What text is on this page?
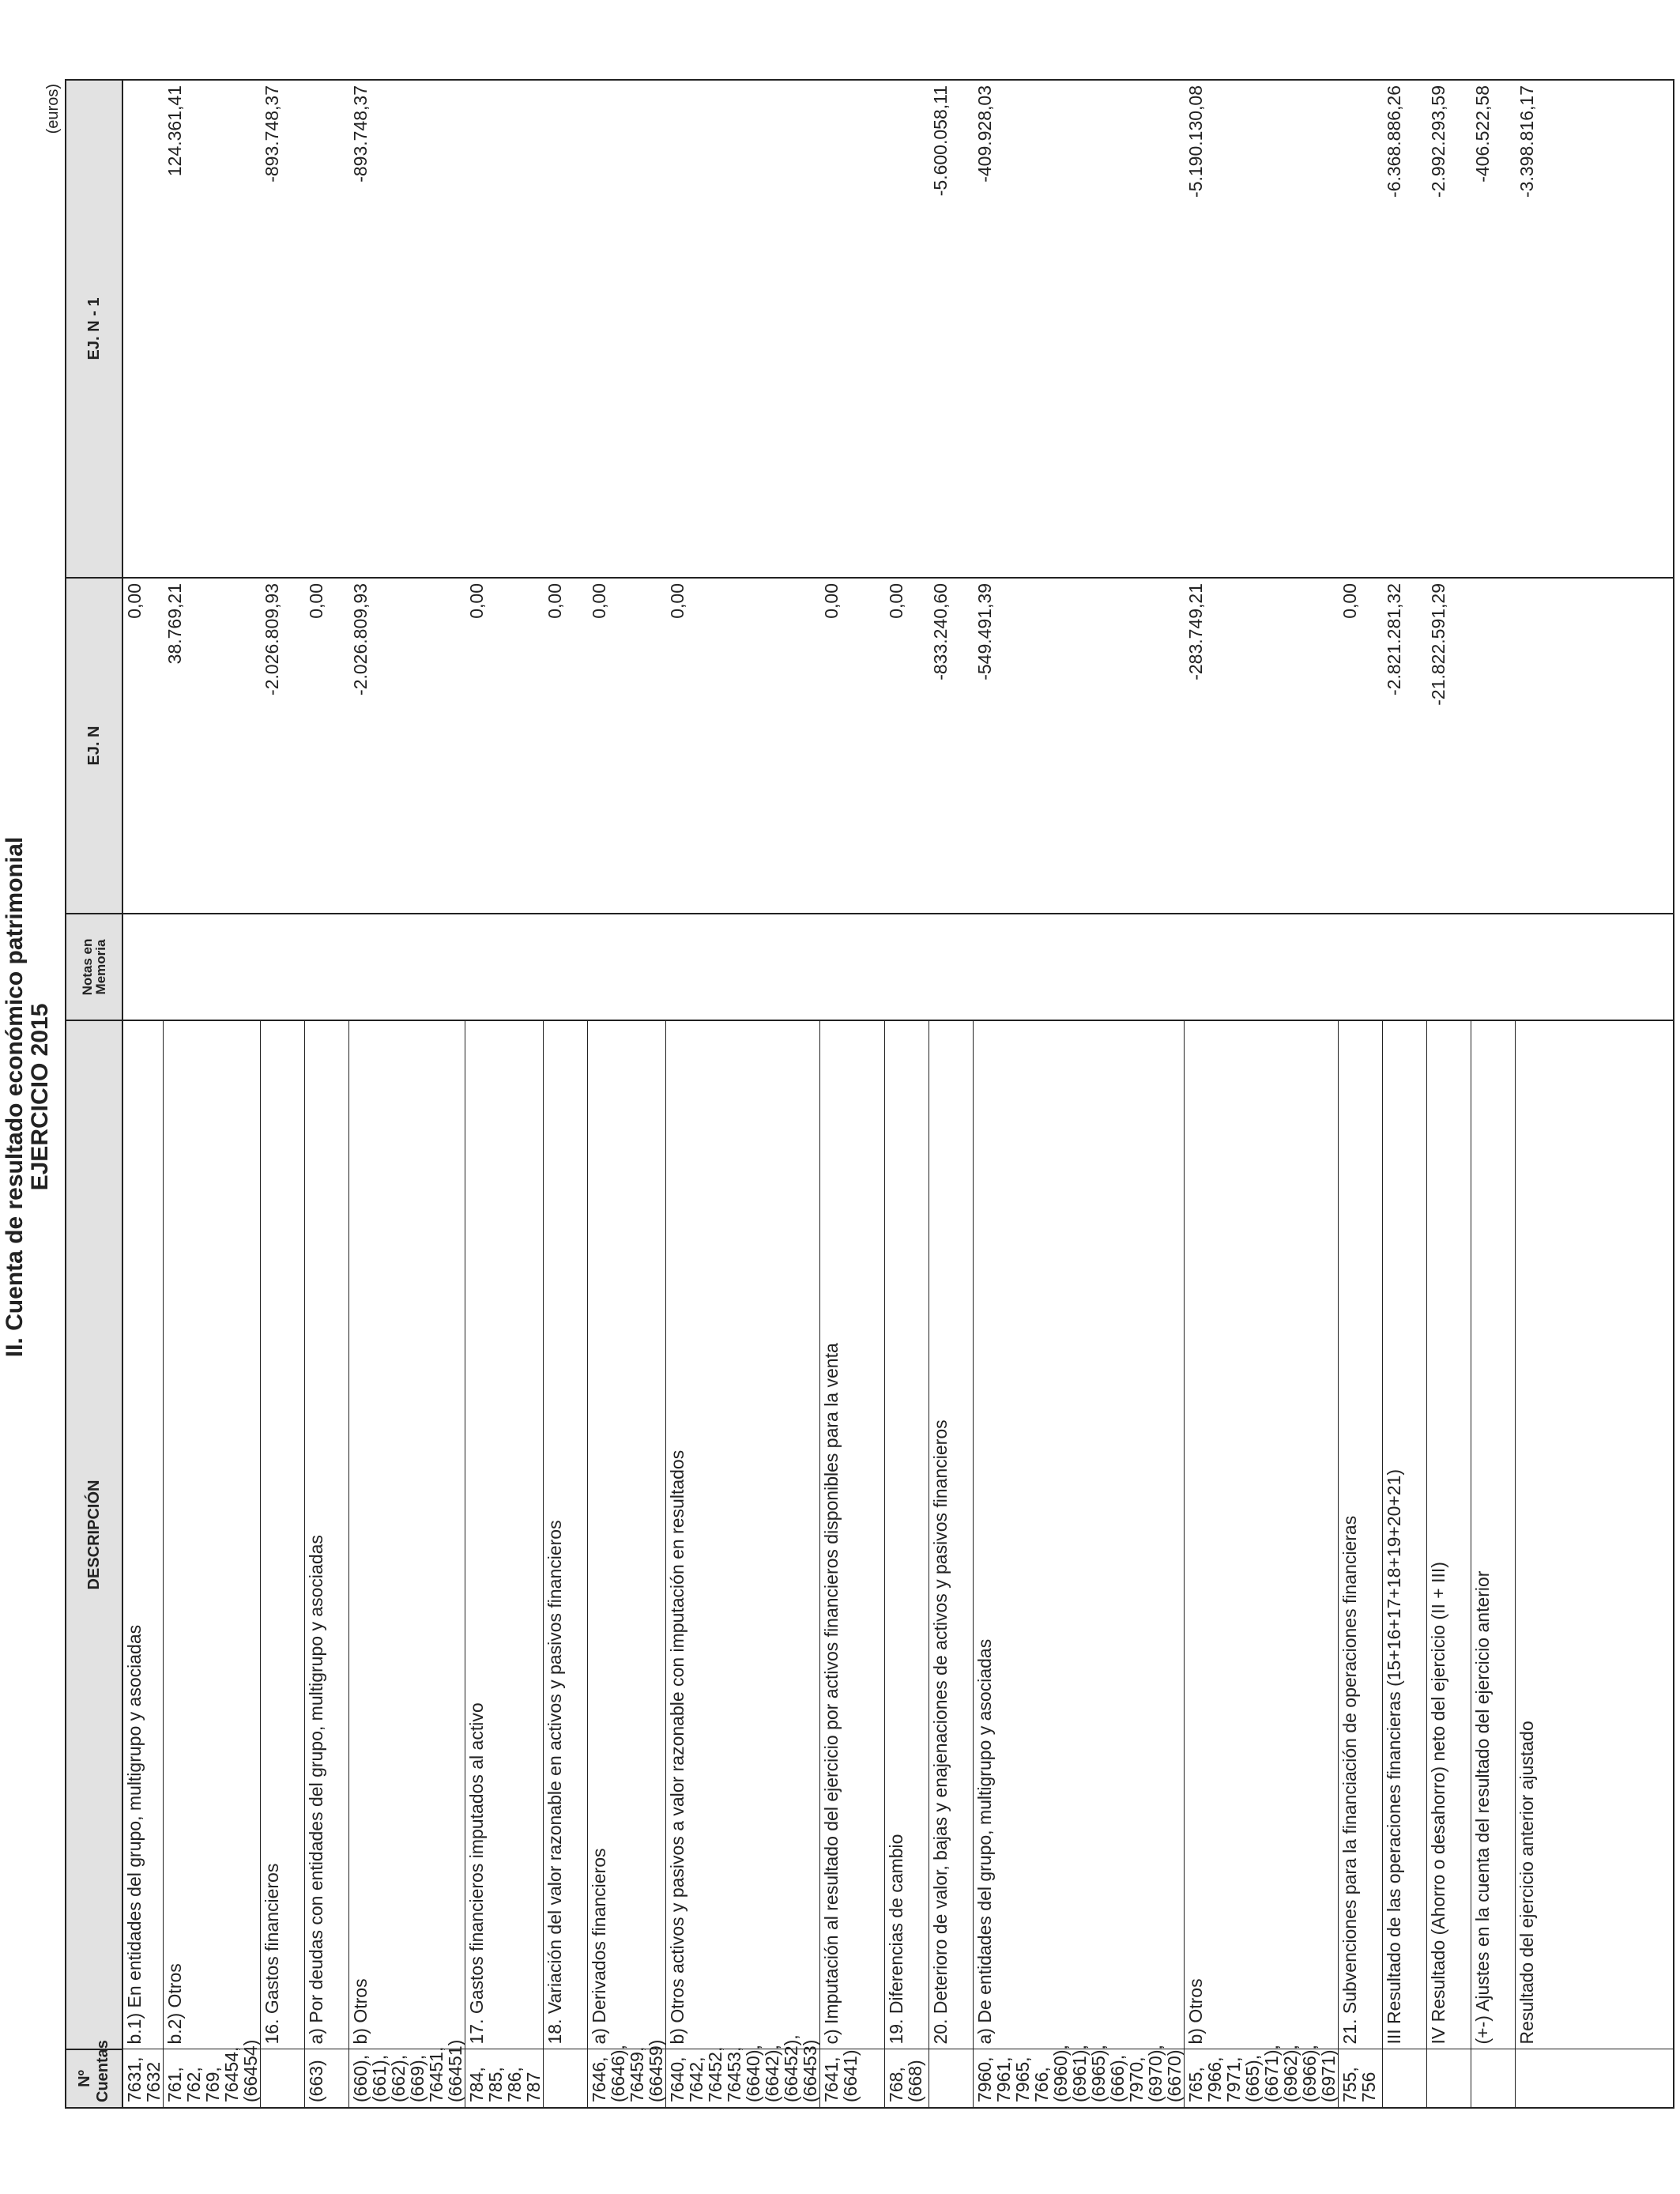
II. Cuenta de resultado económico patrimonial EJERCICIO 2015
(euros)
Nº Cuentas	DESCRIPCIÓN	Notas en Memoria	EJ. N	EJ. N - 1
7631, 7632	b.1) En entidades del grupo, multigrupo y asociadas		0,00	
761, 762, 769, 76454, (66454)	b.2) Otros		38.769,21	124.361,41
	16. Gastos financieros		-2.026.809,93	-893.748,37
(663)	a) Por deudas con entidades del grupo, multigrupo y asociadas		0,00	
(660), (661), (662), (669), 76451, (66451)	b) Otros		-2.026.809,93	-893.748,37
784, 785, 786, 787	17. Gastos financieros imputados al activo		0,00	
	18. Variación del valor razonable en activos y pasivos financieros		0,00	
7646, (6646), 76459, (66459)	a) Derivados financieros		0,00	
7640, 7642, 76452, 76453, (6640), (6642), (66452), (66453)	b) Otros activos y pasivos a valor razonable con imputación en resultados		0,00	
7641, (6641)	c) Imputación al resultado del ejercicio por activos financieros disponibles para la venta		0,00	
768, (668)	19. Diferencias de cambio		0,00	
	20. Deterioro de valor, bajas y enajenaciones de activos y pasivos financieros		-833.240,60	-5.600.058,11
7960, 7961, 7965, 766, (6960), (6961), (6965), (666), 7970, (6970), (6670)	a) De entidades del grupo, multigrupo y asociadas		-549.491,39	-409.928,03
765, 7966, 7971, (665), (6671), (6962), (6966), (6971)	b) Otros		-283.749,21	-5.190.130,08
755, 756	21. Subvenciones para la financiación de operaciones financieras		0,00	
	III Resultado de las operaciones financieras (15+16+17+18+19+20+21)		-2.821.281,32	-6.368.886,26
	IV Resultado (Ahorro o desahorro) neto del ejercicio (II + III)		-21.822.591,29	-2.992.293,59
	(+-) Ajustes en la cuenta del resultado del ejercicio anterior			-406.522,58
	Resultado del ejercicio anterior ajustado			-3.398.816,17
